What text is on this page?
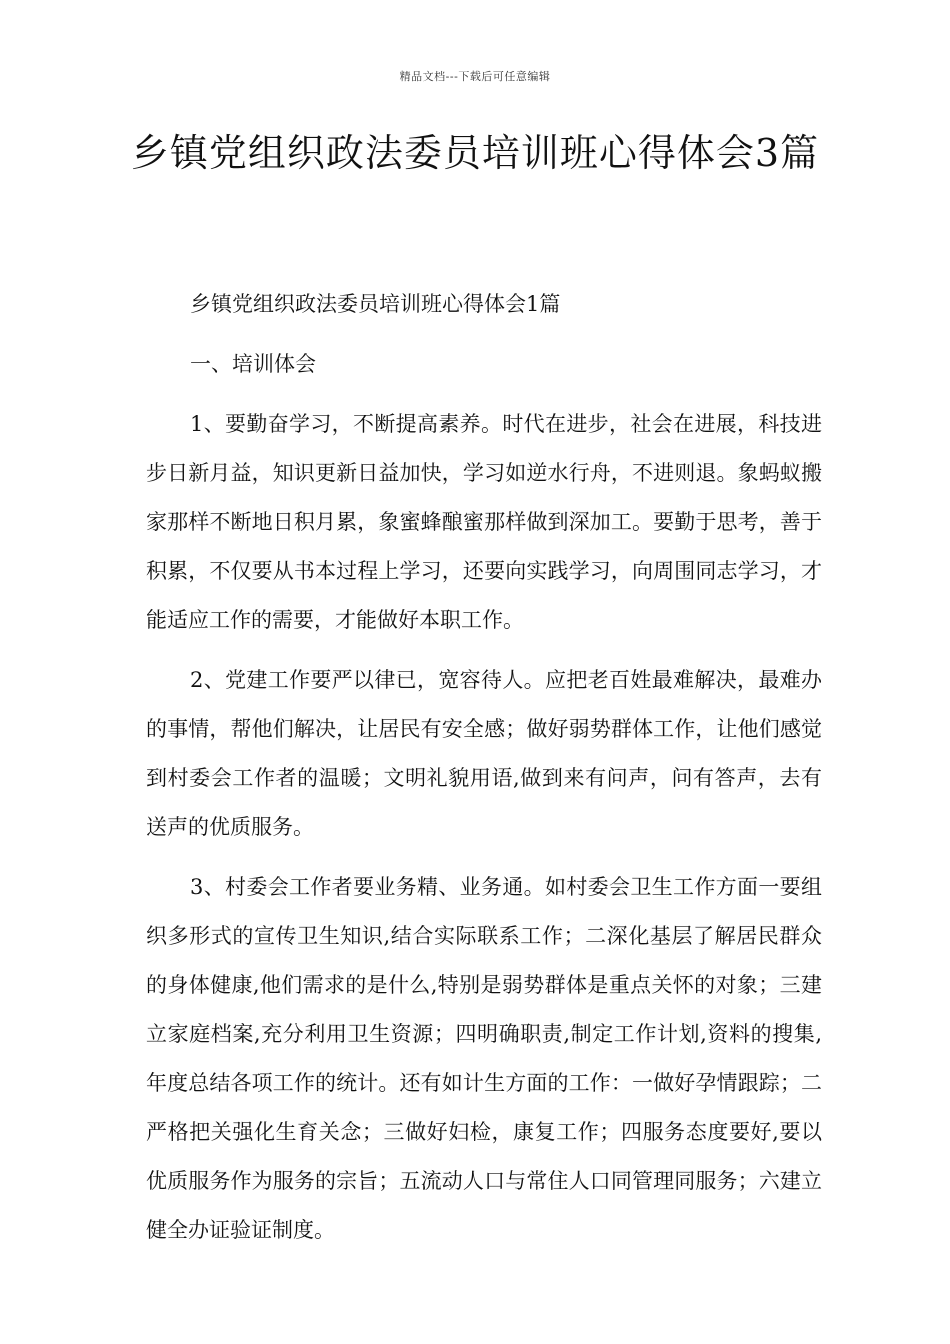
精品文档---下载后可任意编辑
乡镇党组织政法委员培训班心得体会3篇

乡镇党组织政法委员培训班心得体会1篇

一、培训体会

1、要勤奋学习，不断提高素养。时代在进步，社会在进展，科技进步日新月益，知识更新日益加快，学习如逆水行舟，不进则退。象蚂蚁搬家那样不断地日积月累，象蜜蜂酿蜜那样做到深加工。要勤于思考，善于积累，不仅要从书本过程上学习，还要向实践学习，向周围同志学习，才能适应工作的需要，才能做好本职工作。

2、党建工作要严以律已，宽容待人。应把老百姓最难解决，最难办的事情，帮他们解决，让居民有安全感；做好弱势群体工作，让他们感觉到村委会工作者的温暖；文明礼貌用语,做到来有问声，问有答声，去有送声的优质服务。

3、村委会工作者要业务精、业务通。如村委会卫生工作方面一要组织多形式的宣传卫生知识,结合实际联系工作；二深化基层了解居民群众的身体健康,他们需求的是什么,特别是弱势群体是重点关怀的对象；三建立家庭档案,充分利用卫生资源；四明确职责,制定工作计划,资料的搜集,年度总结各项工作的统计。还有如计生方面的工作：一做好孕情跟踪；二严格把关强化生育关念；三做好妇检，康复工作；四服务态度要好,要以优质服务作为服务的宗旨；五流动人口与常住人口同管理同服务；六建立健全办证验证制度。
